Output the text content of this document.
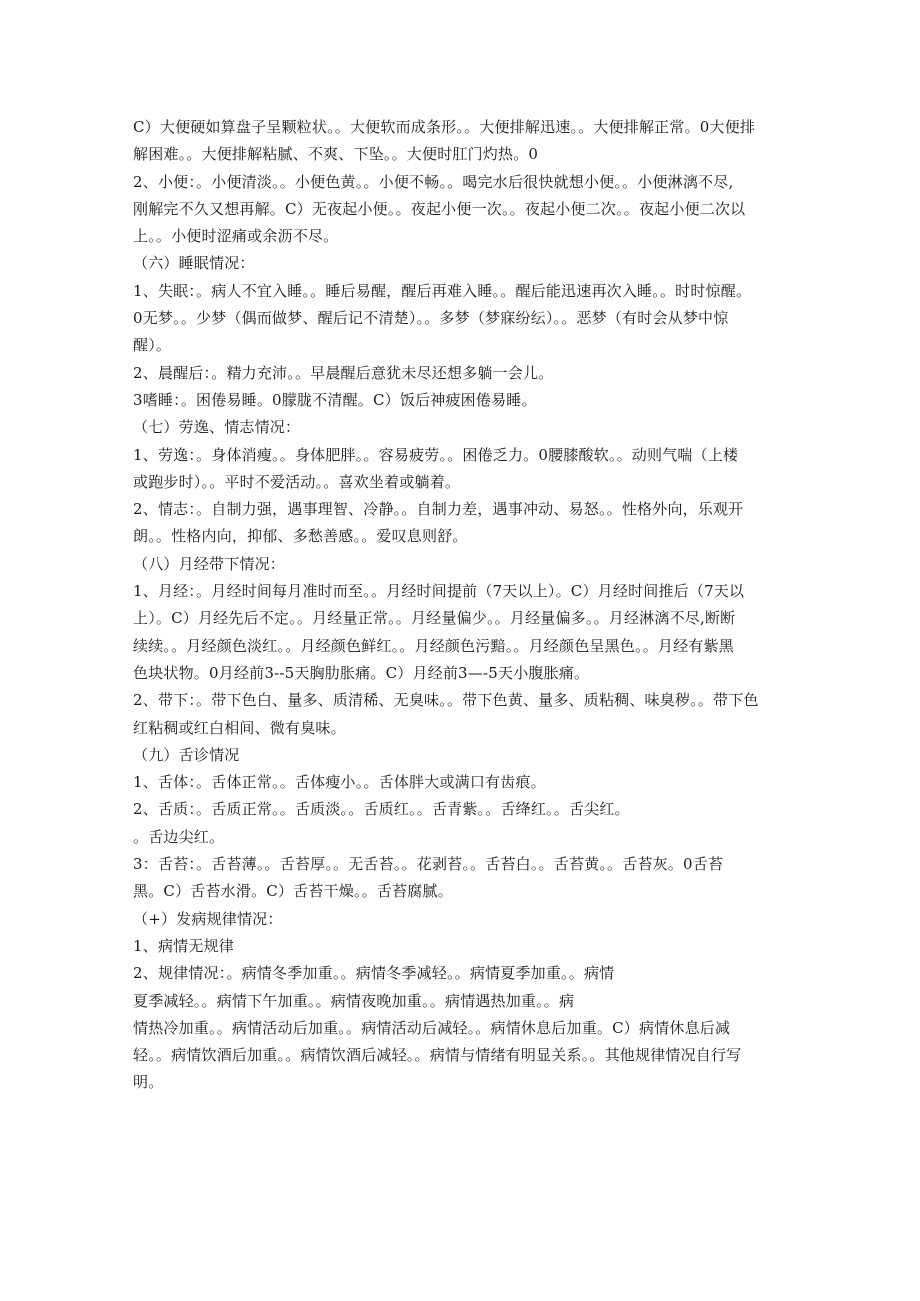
C）大便硬如算盘子呈颗粒状。。大便软而成条形。。大便排解迅速。。大便排解正常。0大便排
解困难。。大便排解粘腻、不爽、下坠。。大便时肛门灼热。0
2、小便：。小便清淡。。小便色黄。。小便不畅。。喝完水后很快就想小便。。小便淋漓不尽,
刚解完不久又想再解。C）无夜起小便。。夜起小便一次。。夜起小便二次。。夜起小便二次以
上。。小便时涩痛或余沥不尽。
（六）睡眠情况：
1、失眠：。病人不宜入睡。。睡后易醒，醒后再难入睡。。醒后能迅速再次入睡。。时时惊醒。
0无梦。。少梦（偶而做梦、醒后记不清楚）。。多梦（梦寐纷纭）。。恶梦（有时会从梦中惊
醒）。
2、晨醒后：。精力充沛。。早晨醒后意犹未尽还想多躺一会儿。
3嗜睡：。困倦易睡。0朦胧不清醒。C）饭后神疲困倦易睡。
（七）劳逸、情志情况：
1、劳逸：。身体消瘦。。身体肥胖。。容易疲劳。。困倦乏力。0腰膝酸软。。动则气喘（上楼
或跑步时）。。平时不爱活动。。喜欢坐着或躺着。
2、情志：。自制力强，遇事理智、冷静。。自制力差，遇事冲动、易怒。。性格外向，乐观开
朗。。性格内向，抑郁、多愁善感。。爱叹息则舒。
（八）月经带下情况：
1、月经：。月经时间每月准时而至。。月经时间提前（7天以上）。C）月经时间推后（7天以
上）。C）月经先后不定。。月经量正常。。月经量偏少。。月经量偏多。。月经淋漓不尽,断断
续续。。月经颜色淡红。。月经颜色鲜红。。月经颜色污黯。。月经颜色呈黑色。。月经有紫黑
色块状物。0月经前3--5天胸肋胀痛。C）月经前3—-5天小腹胀痛。
2、带下：。带下色白、量多、质清稀、无臭味。。带下色黄、量多、质粘稠、味臭秽。。带下色
红粘稠或红白相间、微有臭味。
（九）舌诊情况
1、舌体：。舌体正常。。舌体瘦小。。舌体胖大或满口有齿痕。
2、舌质：。舌质正常。。舌质淡。。舌质红。。舌青紫。。舌绛红。。舌尖红。
。舌边尖红。
3：舌苔：。舌苔薄。。舌苔厚。。无舌苔。。花剥苔。。舌苔白。。舌苔黄。。舌苔灰。0舌苔
黑。C）舌苔水滑。C）舌苔干燥。。舌苔腐腻。
（+）发病规律情况：
1、病情无规律
2、规律情况：。病情冬季加重。。病情冬季减轻。。病情夏季加重。。病情
夏季减轻。。病情下午加重。。病情夜晚加重。。病情遇热加重。。病
情热冷加重。。病情活动后加重。。病情活动后减轻。。病情休息后加重。C）病情休息后减
轻。。病情饮酒后加重。。病情饮酒后减轻。。病情与情绪有明显关系。。其他规律情况自行写
明。
